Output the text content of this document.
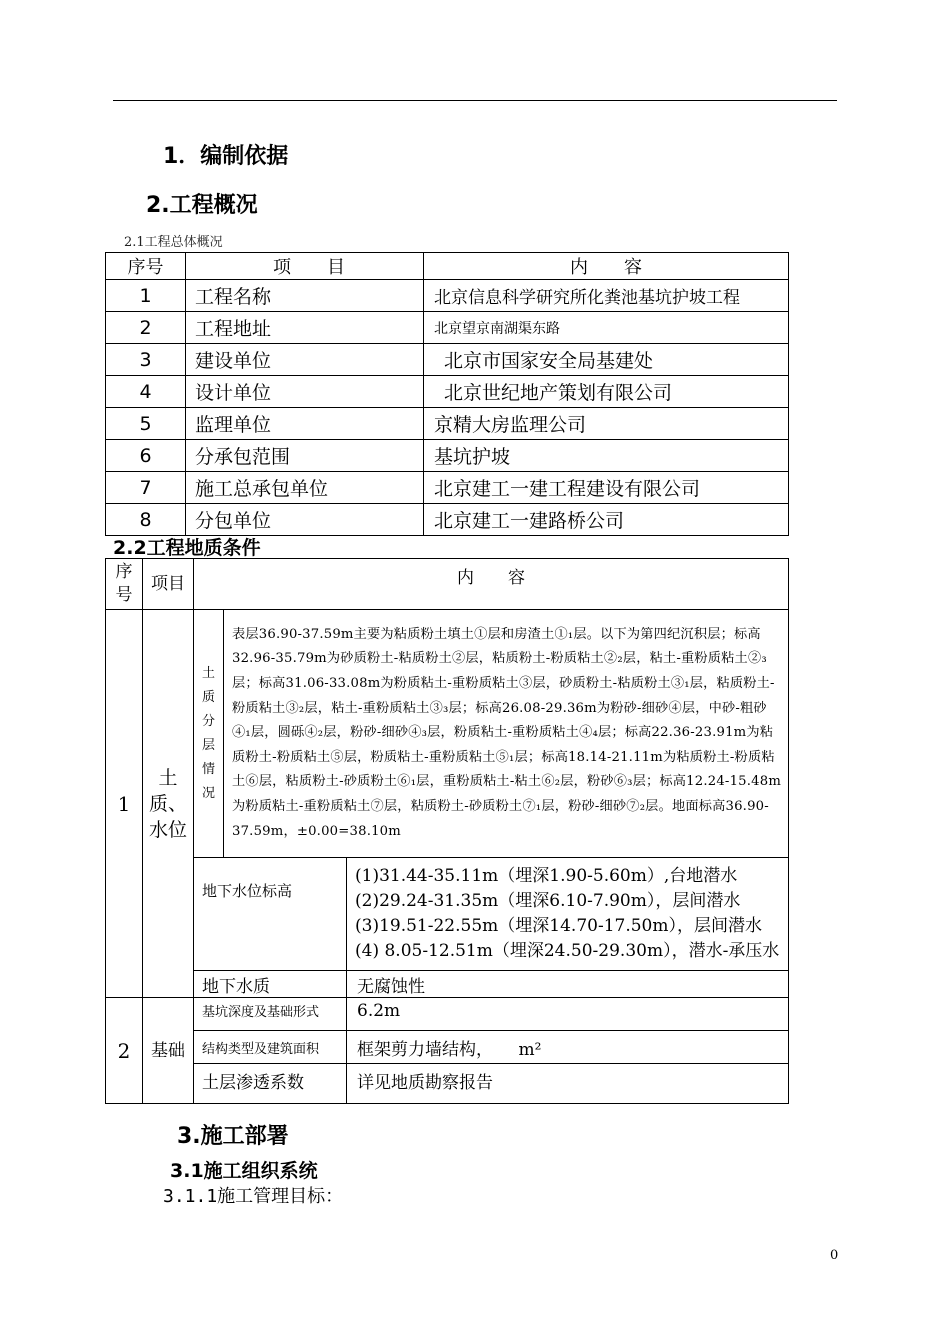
1．编制依据
2.工程概况
2.1工程总体概况
序号	项　　目	内　　容
1	工程名称	北京信息科学研究所化粪池基坑护坡工程
2	工程地址	北京望京南湖渠东路
3	建设单位	北京市国家安全局基建处
4	设计单位	北京世纪地产策划有限公司
5	监理单位	京精大房监理公司
6	分承包范围	基坑护坡
7	施工总承包单位	北京建工一建工程建设有限公司
8	分包单位	北京建工一建路桥公司
2.2工程地质条件
序号	项目	内　　容		
1	土质、水位	土质分层情况	表层36.90-37.59m主要为粘质粉土填土①层和房渣土①₁层。以下为第四纪沉积层；标高32.96-35.79m为砂质粉土-粘质粉土②层，粘质粉土-粉质粘土②₂层，粘土-重粉质粘土②₃层；标高31.06-33.08m为粉质粘土-重粉质粘土③层，砂质粉土-粘质粉土③₁层，粘质粉土-粉质粘土③₂层，粘土-重粉质粘土③₃层；标高26.08-29.36m为粉砂-细砂④层，中砂-粗砂④₁层，圆砾④₂层，粉砂-细砂④₃层，粉质粘土-重粉质粘土④₄层；标高22.36-23.91m为粘质粉土-粉质粘土⑤层，粉质粘土-重粉质粘土⑤₁层；标高18.14-21.11m为粘质粉土-粉质粘土⑥层，粘质粉土-砂质粉土⑥₁层，重粉质粘土-粘土⑥₂层，粉砂⑥₃层；标高12.24-15.48m为粉质粘土-重粉质粘土⑦层，粘质粉土-砂质粉土⑦₁层，粉砂-细砂⑦₂层。地面标高36.90-37.59m，±0.00=38.10m	
		地下水位标高		(1)31.44-35.11m（埋深1.90-5.60m）,台地潜水
(2)29.24-31.35m（埋深6.10-7.90m），层间潜水
(3)19.51-22.55m（埋深14.70-17.50m），层间潜水
(4) 8.05-12.51m（埋深24.50-29.30m），潜水-承压水

		地下水质		无腐蚀性
2	基础	基坑深度及基础形式		6.2m
		结构类型及建筑面积		框架剪力墙结构，　　m²
		土层渗透系数		详见地质勘察报告
3.施工部署
3.1施工组织系统
3.1.1施工管理目标：
0
